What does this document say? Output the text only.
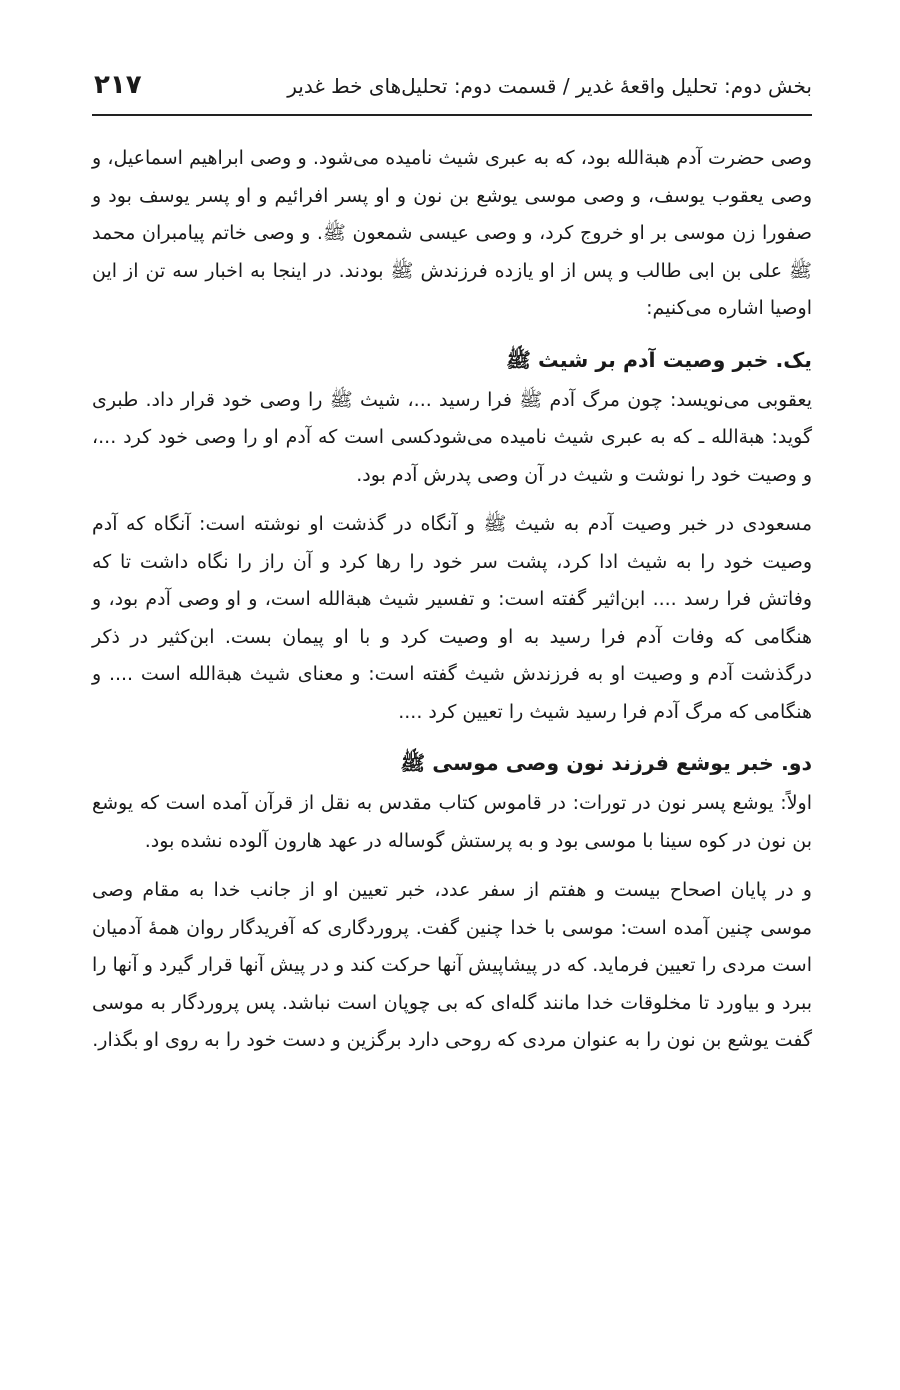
بخش دوم: تحلیل واقعهٔ غدیر / قسمت دوم: تحلیل‌های خط غدیر
۲۱۷

وصی حضرت آدم هبةالله بود، که به عبری شیث نامیده می‌شود. و وصی ابراهیم اسماعیل، و وصی یعقوب یوسف، و وصی موسی یوشع بن نون و او پسر افرائیم و او پسر یوسف بود و صفورا زن موسی بر او خروج کرد، و وصی عیسی شمعون ﷺ. و وصی خاتم پیامبران محمد ﷺ علی بن ابی طالب و پس از او یازده فرزندش ﷺ بودند. در اینجا به اخبار سه تن از این اوصیا اشاره می‌کنیم:

یک. خبر وصیت آدم بر شیث ﷺ

یعقوبی می‌نویسد: چون مرگ آدم ﷺ فرا رسید ...، شیث ﷺ را وصی خود قرار داد. طبری گوید: هبةالله ـ که به عبری شیث نامیده می‌شودکسی است که آدم او را وصی خود کرد ...، و وصیت خود را نوشت و شیث در آن وصی پدرش آدم بود.

مسعودی در خبر وصیت آدم به شیث ﷺ و آنگاه در گذشت او نوشته است: آنگاه که آدم وصیت خود را به شیث ادا کرد، پشت سر خود را رها کرد و آن راز را نگاه داشت تا که وفاتش فرا رسد .... ابن‌اثیر گفته است: و تفسیر شیث هبةالله است، و او وصی آدم بود، و هنگامی که وفات آدم فرا رسید به او وصیت کرد و با او پیمان بست. ابن‌کثیر در ذکر درگذشت آدم و وصیت او به فرزندش شیث گفته است: و معنای شیث هبةالله است .... و هنگامی که مرگ آدم فرا رسید شیث را تعیین کرد ....

دو. خبر یوشع فرزند نون وصی موسی ﷺ

اولاً: یوشع پسر نون در تورات: در قاموس کتاب مقدس به نقل از قرآن آمده است که یوشع بن نون در کوه سینا با موسی بود و به پرستش گوساله در عهد هارون آلوده نشده بود.

و در پایان اصحاح بیست و هفتم از سفر عدد، خبر تعیین او از جانب خدا به مقام وصی موسی چنین آمده است: موسی با خدا چنین گفت. پروردگاری که آفریدگار روان همهٔ آدمیان است مردی را تعیین فرماید. که در پیشاپیش آنها حرکت کند و در پیش آنها قرار گیرد و آنها را ببرد و بیاورد تا مخلوقات خدا مانند گله‌ای که بی چوپان است نباشد. پس پروردگار به موسی گفت یوشع بن نون را به عنوان مردی که روحی دارد برگزین و دست خود را به روی او بگذار.
